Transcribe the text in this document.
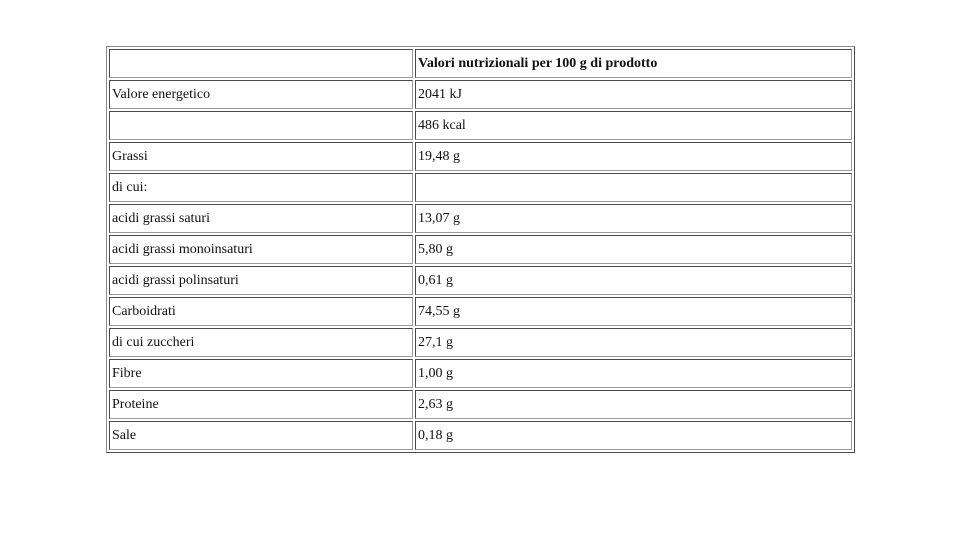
	Valori nutrizionali per 100 g di prodotto
Valore energetico	2041 kJ
	486 kcal
Grassi	19,48 g
di cui:	
acidi grassi saturi	13,07 g
acidi grassi monoinsaturi	5,80 g
acidi grassi polinsaturi	0,61 g
Carboidrati	74,55 g
di cui zuccheri	27,1 g
Fibre	1,00 g
Proteine	2,63 g
Sale	0,18 g
